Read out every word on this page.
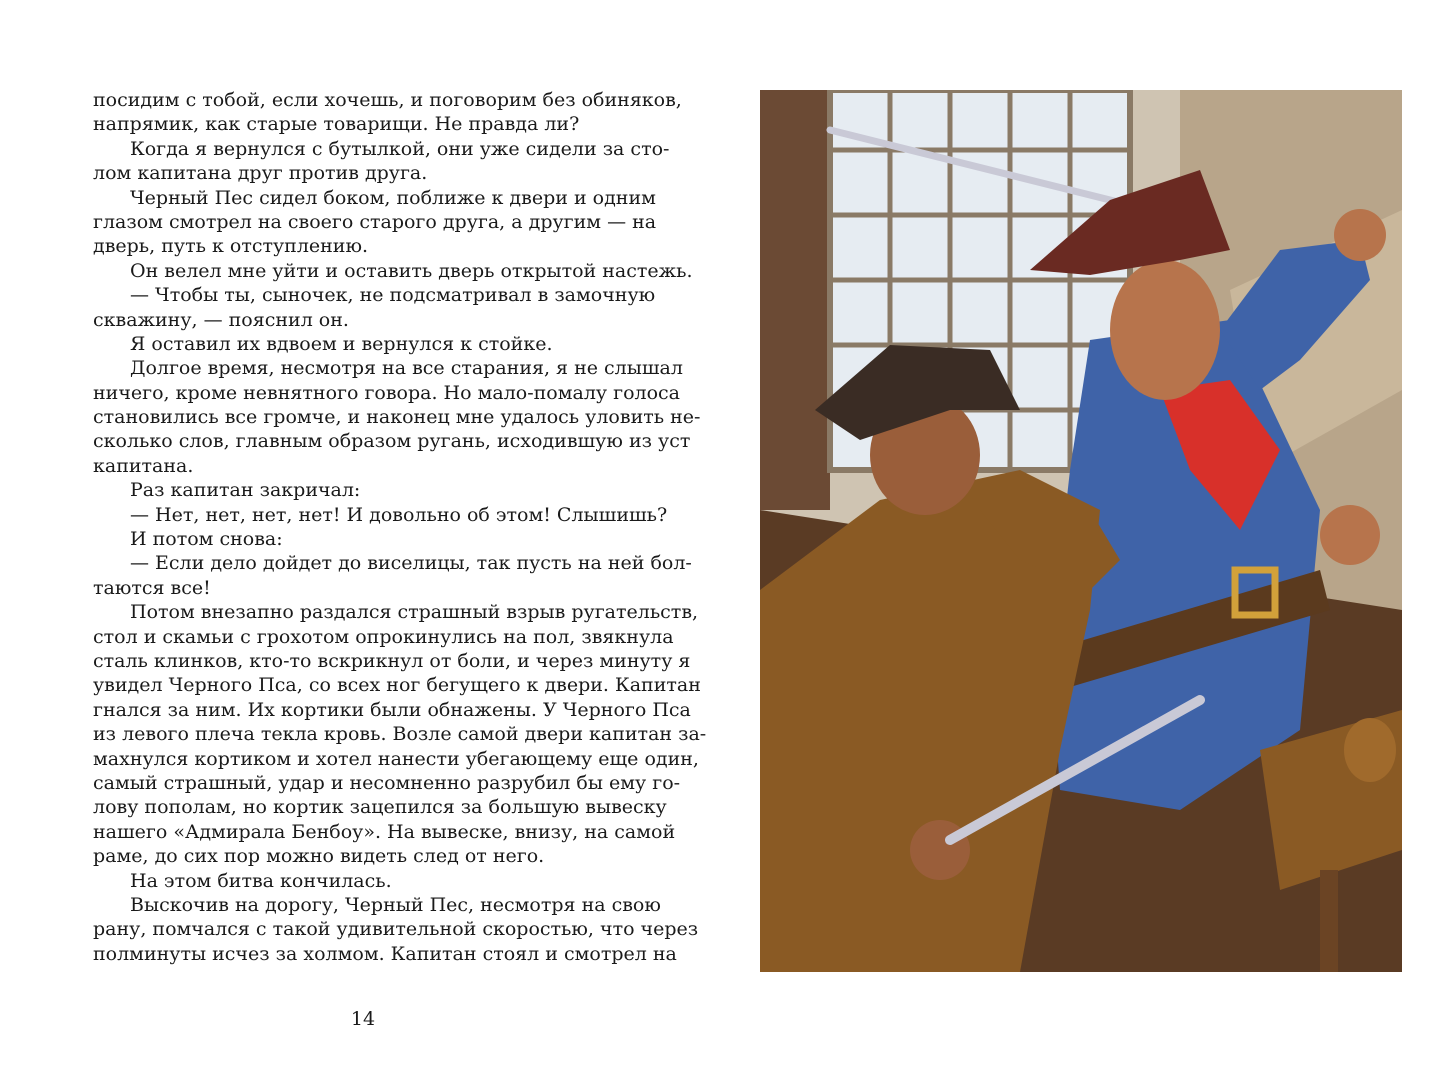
посидим с тобой, если хочешь, и поговорим без обиняков,
напрямик, как старые товарищи. Не правда ли?
Когда я вернулся с бутылкой, они уже сидели за сто-
лом капитана друг против друга.
Черный Пес сидел боком, поближе к двери и одним
глазом смотрел на своего старого друга, а другим — на
дверь, путь к отступлению.
Он велел мне уйти и оставить дверь открытой настежь.
— Чтобы ты, сыночек, не подсматривал в замочную
скважину, — пояснил он.
Я оставил их вдвоем и вернулся к стойке.
Долгое время, несмотря на все старания, я не слышал
ничего, кроме невнятного говора. Но мало-помалу голоса
становились все громче, и наконец мне удалось уловить не-
сколько слов, главным образом ругань, исходившую из уст
капитана.
Раз капитан закричал:
— Нет, нет, нет, нет! И довольно об этом! Слышишь?
И потом снова:
— Если дело дойдет до виселицы, так пусть на ней бол-
таются все!
Потом внезапно раздался страшный взрыв ругательств,
стол и скамьи с грохотом опрокинулись на пол, звякнула
сталь клинков, кто-то вскрикнул от боли, и через минуту я
увидел Черного Пса, со всех ног бегущего к двери. Капитан
гнался за ним. Их кортики были обнажены. У Черного Пса
из левого плеча текла кровь. Возле самой двери капитан за-
махнулся кортиком и хотел нанести убегающему еще один,
самый страшный, удар и несомненно разрубил бы ему го-
лову пополам, но кортик зацепился за большую вывеску
нашего «Адмирала Бенбоу». На вывеске, внизу, на самой
раме, до сих пор можно видеть след от него.
На этом битва кончилась.
Выскочив на дорогу, Черный Пес, несмотря на свою
рану, помчался с такой удивительной скоростью, что через
полминуты исчез за холмом. Капитан стоял и смотрел на
14
